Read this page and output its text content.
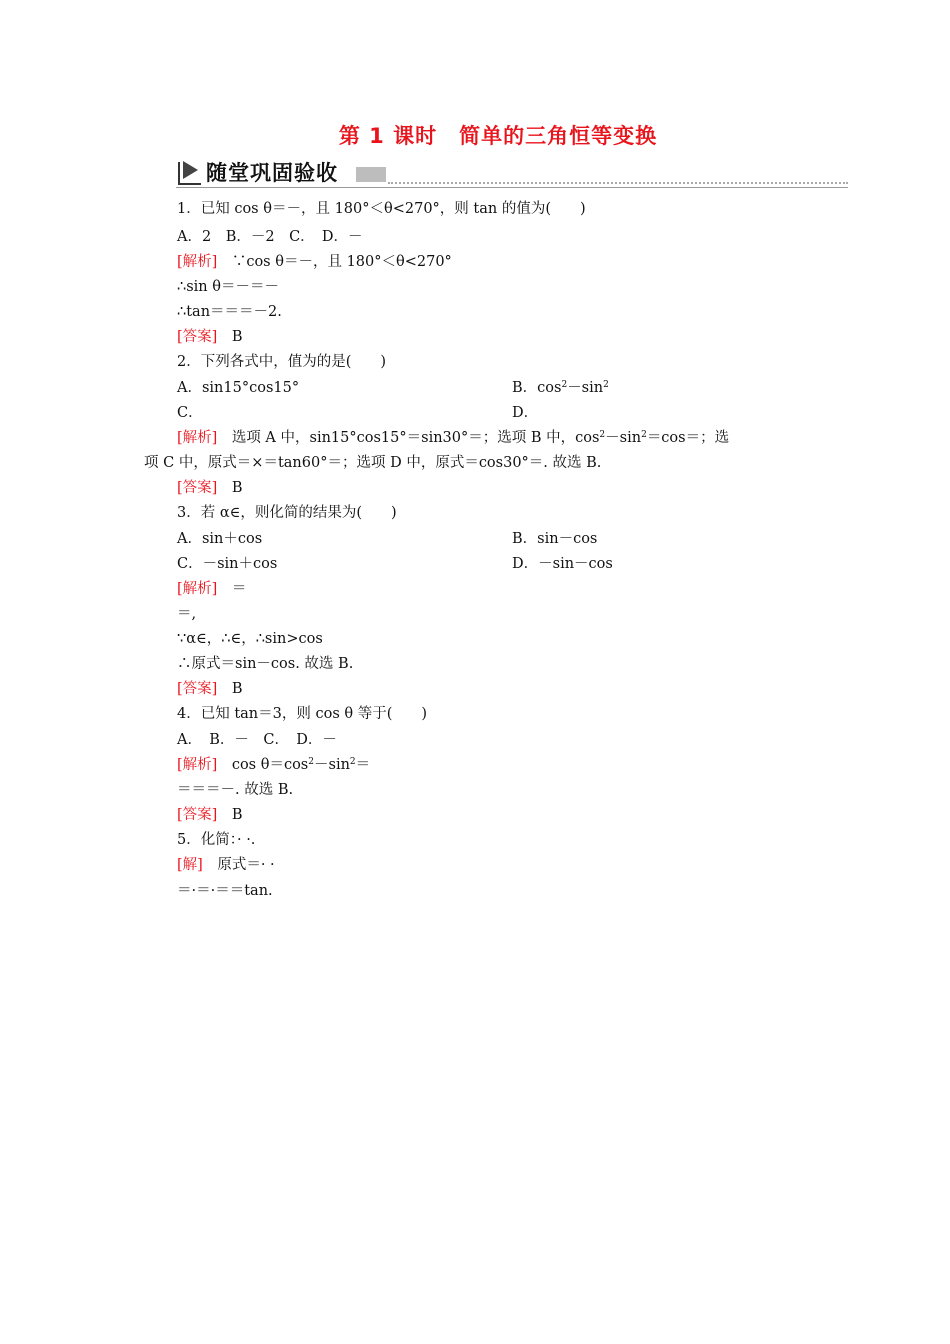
第 1 课时　简单的三角恒等变换
随堂巩固验收
1．已知 cos θ＝－，且 180°＜θ<270°，则 tan 的值为(　　)
A．2　B．－2　C．　D．－
[解析]　 ∵cos θ＝－，且 180°＜θ<270°
∴sin θ＝－＝－
∴tan＝＝＝－2.
[答案]　 B
2．下列各式中，值为的是(　　)
A．sin15°cos15°	B．$\cos^2-\sin^2$
C．	D．
[解析]　 选项 A 中，sin15°cos15°＝sin30°＝；选项 B 中，$\cos^2-\sin^2=\cos=$；选
项 C 中，原式＝×＝tan60°＝；选项 D 中，原式＝cos30°＝. 故选 B.
[答案]　 B
3．若 α∈，则化简的结果为(　　)
A．sin＋cos	B．sin－cos
C．－sin＋cos	D．－sin－cos
[解析]　 ＝
＝,
∵α∈，∴∈，∴sin>cos
∴原式＝sin－cos. 故选 B.
[答案]　 B
4．已知 tan＝3，则 cos θ 等于(　　)
A．　B．－　C．　D．－
[解析]　 $\cos \theta=\cos^2-\sin^2=$
＝＝＝－. 故选 B.
[答案]　 B
5．化简：· ·.
[解]　 原式＝· ·
＝·＝·＝＝tan.
